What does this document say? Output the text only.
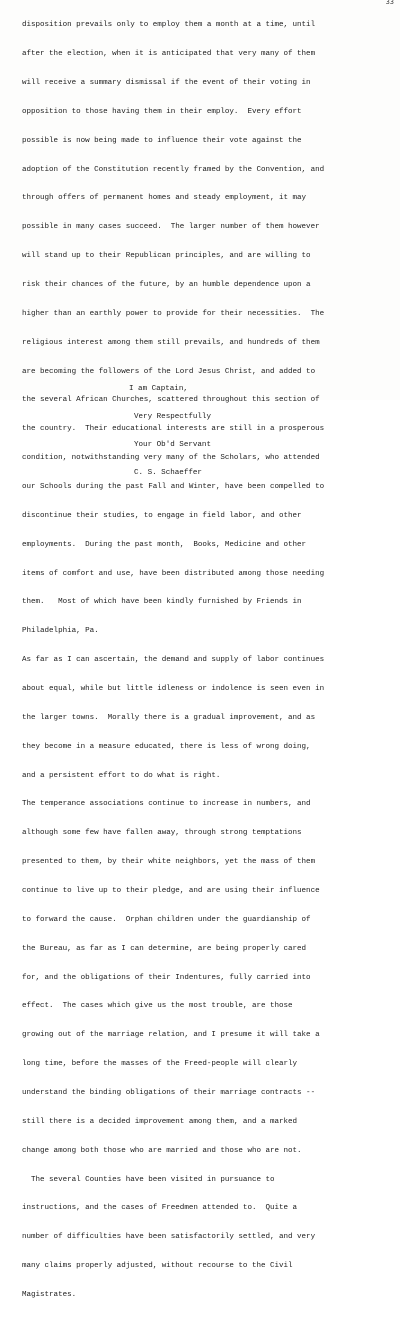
33

disposition prevails only to employ them a month at a time, until

after the election, when it is anticipated that very many of them

will receive a summary dismissal if the event of their voting in

opposition to those having them in their employ.  Every effort

possible is now being made to influence their vote against the

adoption of the Constitution recently framed by the Convention, and

through offers of permanent homes and steady employment, it may

possible in many cases succeed.  The larger number of them however

will stand up to their Republican principles, and are willing to

risk their chances of the future, by an humble dependence upon a

higher than an earthly power to provide for their necessities.  The

religious interest among them still prevails, and hundreds of them

are becoming the followers of the Lord Jesus Christ, and added to

the several African Churches, scattered throughout this section of

the country.  Their educational interests are still in a prosperous

condition, notwithstanding very many of the Scholars, who attended

our Schools during the past Fall and Winter, have been compelled to

discontinue their studies, to engage in field labor, and other

employments.  During the past month,  Books, Medicine and other

items of comfort and use, have been distributed among those needing

them.   Most of which have been kindly furnished by Friends in

Philadelphia, Pa.

As far as I can ascertain, the demand and supply of labor continues

about equal, while but little idleness or indolence is seen even in

the larger towns.  Morally there is a gradual improvement, and as

they become in a measure educated, there is less of wrong doing,

and a persistent effort to do what is right.

The temperance associations continue to increase in numbers, and

although some few have fallen away, through strong temptations

presented to them, by their white neighbors, yet the mass of them

continue to live up to their pledge, and are using their influence

to forward the cause.  Orphan children under the guardianship of

the Bureau, as far as I can determine, are being properly cared

for, and the obligations of their Indentures, fully carried into

effect.  The cases which give us the most trouble, are those

growing out of the marriage relation, and I presume it will take a

long time, before the masses of the Freed-people will clearly

understand the binding obligations of their marriage contracts --

still there is a decided improvement among them, and a marked

change among both those who are married and those who are not.

The several Counties have been visited in pursuance to

instructions, and the cases of Freedmen attended to.  Quite a

number of difficulties have been satisfactorily settled, and very

many claims properly adjusted, without recourse to the Civil

Magistrates.

I am Captain,

Very Respectfully

Your Ob'd Servant

C. S. Schaeffer
